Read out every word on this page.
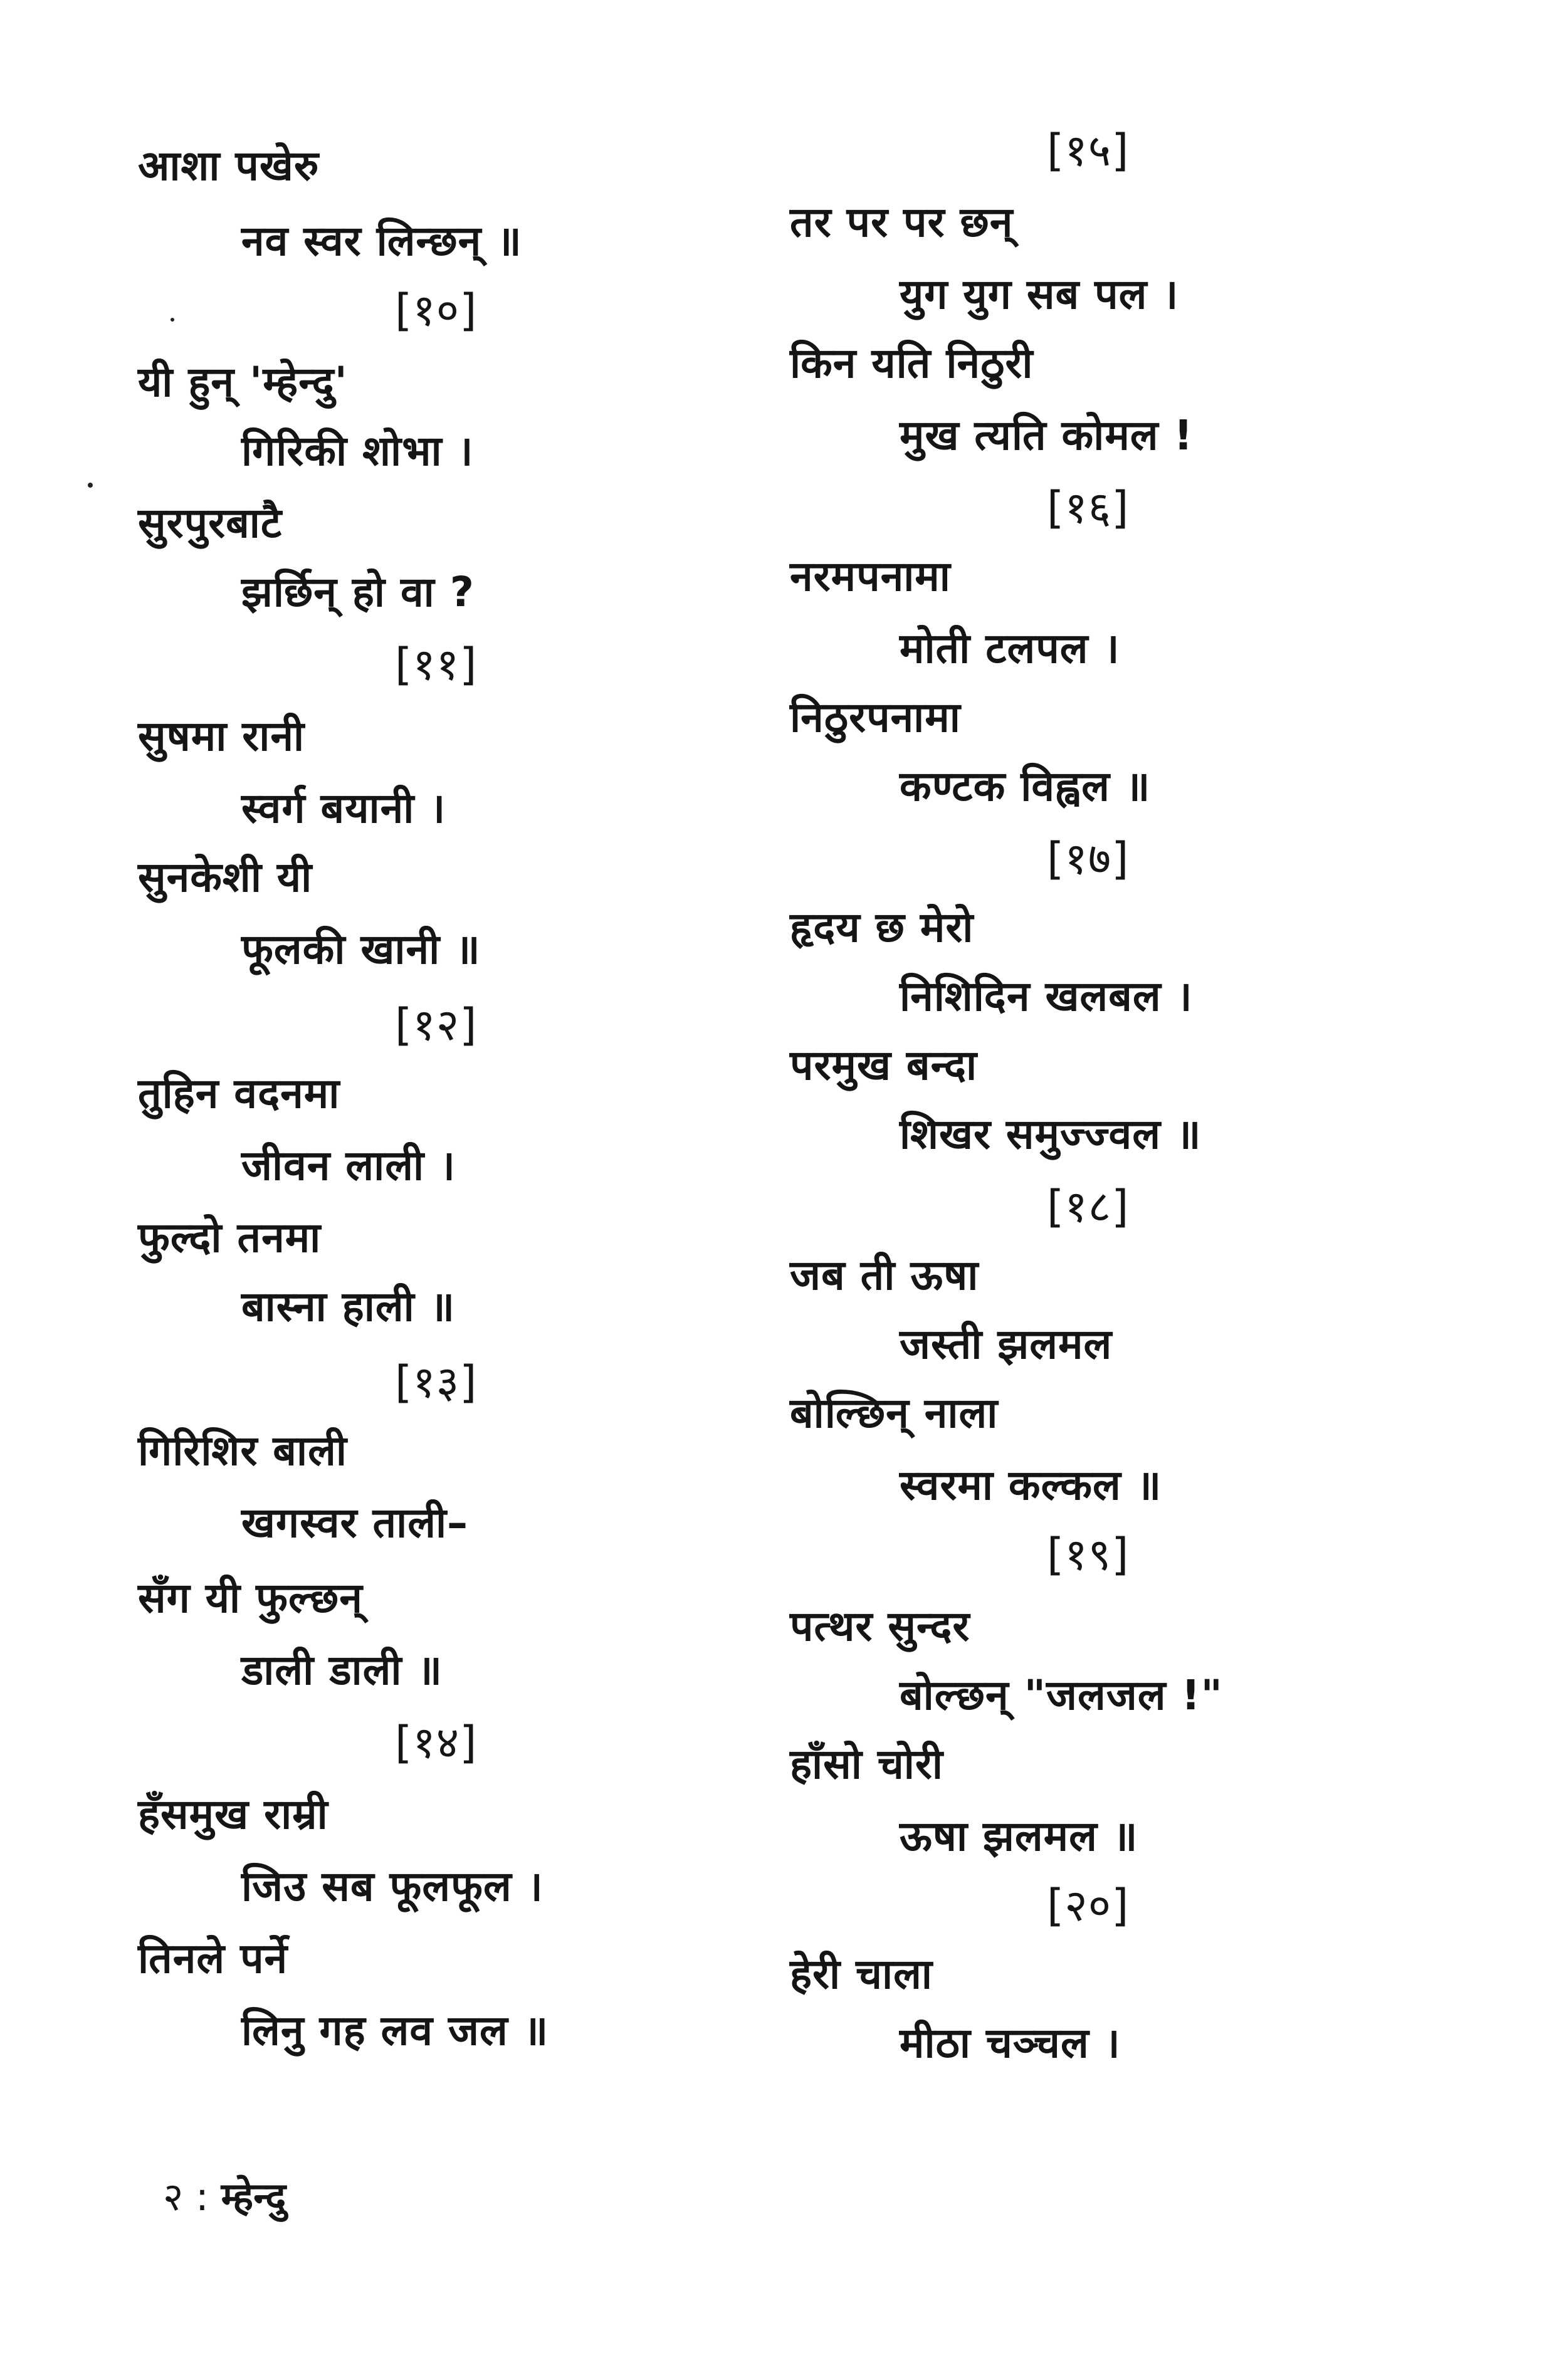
आशा पखेरु
नव स्वर लिन्छन् ॥
[१०]
यी हुन् 'म्हेन्दु'
गिरिकी शोभा ।
सुरपुरबाटै
झर्छिन् हो वा ?
[११]
सुषमा रानी
स्वर्ग बयानी ।
सुनकेशी यी
फूलकी खानी ॥
[१२]
तुहिन वदनमा
जीवन लाली ।
फुल्दो तनमा
बास्ना हाली ॥
[१३]
गिरिशिर बाली
खगस्वर ताली–
सँग यी फुल्छन्
डाली डाली ॥
[१४]
हँसमुख राम्री
जिउ सब फूलफूल ।
तिनले पर्ने
लिनु गह लव जल ॥
[१५]
तर पर पर छन्
युग युग सब पल ।
किन यति निठुरी
मुख त्यति कोमल !
[१६]
नरमपनामा
मोती टलपल ।
निठुरपनामा
कण्टक विह्वल ॥
[१७]
हृदय छ मेरो
निशिदिन खलबल ।
परमुख बन्दा
शिखर समुज्ज्वल ॥
[१८]
जब ती ऊषा
जस्ती झलमल
बोल्छिन् नाला
स्वरमा कल्कल ॥
[१९]
पत्थर सुन्दर
बोल्छन् "जलजल !"
हाँसो चोरी
ऊषा झलमल ॥
[२०]
हेरी चाला
मीठा चञ्चल ।
२ : म्हेन्दु
